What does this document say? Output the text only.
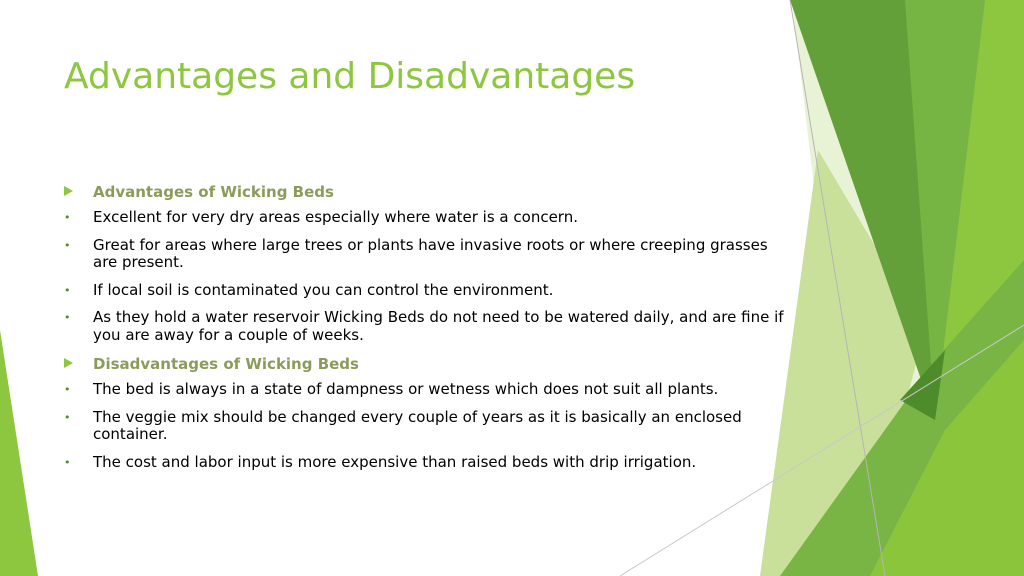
Advantages and Disadvantages
Advantages of Wicking Beds
• Excellent for very dry areas especially where water is a concern.
• Great for areas where large trees or plants have invasive roots or where creeping grasses are present.
• If local soil is contaminated you can control the environment.
• As they hold a water reservoir Wicking Beds do not need to be watered daily, and are fine if you are away for a couple of weeks.
Disadvantages of Wicking Beds
• The bed is always in a state of dampness or wetness which does not suit all plants.
• The veggie mix should be changed every couple of years as it is basically an enclosed container.
• The cost and labor input is more expensive than raised beds with drip irrigation.
